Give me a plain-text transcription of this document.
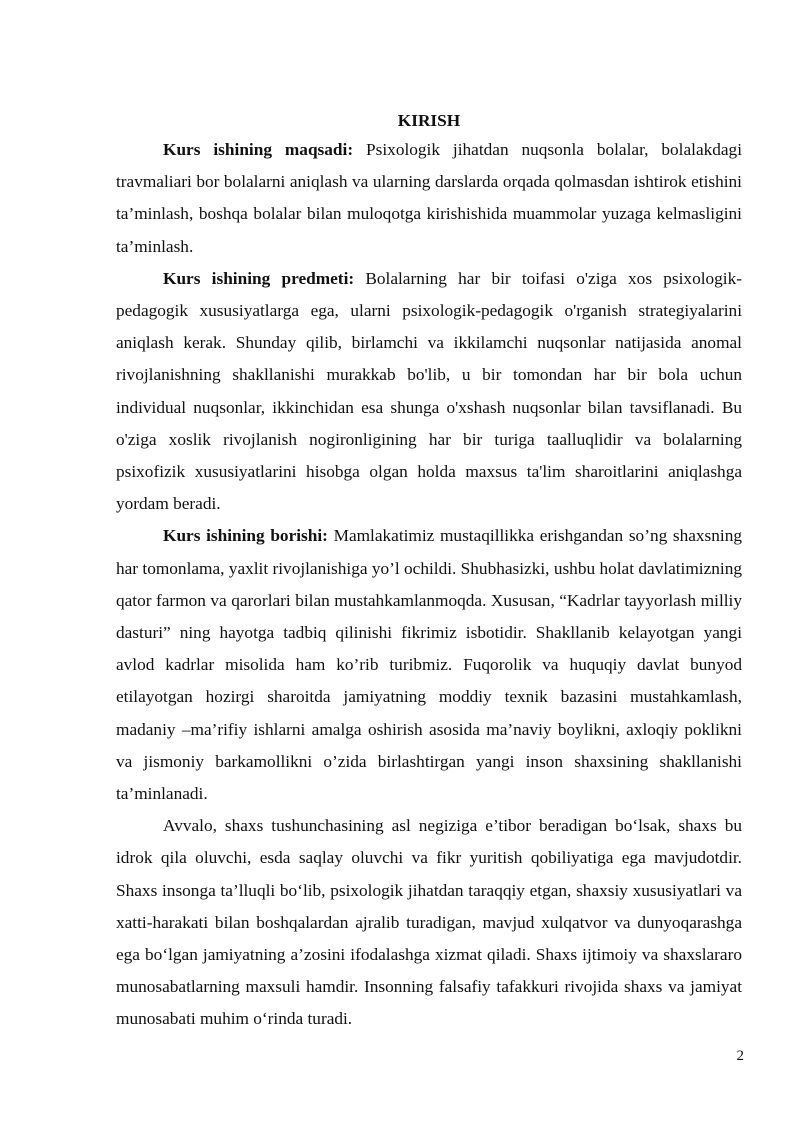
KIRISH

Kurs ishining maqsadi: Psixologik jihatdan nuqsonla bolalar, bolalakdagi travmaliari bor bolalarni aniqlash va ularning darslarda orqada qolmasdan ishtirok etishini ta’minlash, boshqa bolalar bilan muloqotga kirishishida muammolar yuzaga kelmasligini ta’minlash.

Kurs ishining predmeti: Bolalarning har bir toifasi o'ziga xos psixologik-pedagogik xususiyatlarga ega, ularni psixologik-pedagogik o'rganish strategiyalarini aniqlash kerak. Shunday qilib, birlamchi va ikkilamchi nuqsonlar natijasida anomal rivojlanishning shakllanishi murakkab bo'lib, u bir tomondan har bir bola uchun individual nuqsonlar, ikkinchidan esa shunga o'xshash nuqsonlar bilan tavsiflanadi. Bu o'ziga xoslik rivojlanish nogironligining har bir turiga taalluqlidir va bolalarning psixofizik xususiyatlarini hisobga olgan holda maxsus ta'lim sharoitlarini aniqlashga yordam beradi.

Kurs ishining borishi: Mamlakatimiz mustaqillikka erishgandan so’ng shaxsning har tomonlama, yaxlit rivojlanishiga yo’l ochildi. Shubhasizki, ushbu holat davlatimizning qator farmon va qarorlari bilan mustahkamlanmoqda. Xususan, “Kadrlar tayyorlash milliy dasturi” ning hayotga tadbiq qilinishi fikrimiz isbotidir. Shakllanib kelayotgan yangi avlod kadrlar misolida ham ko’rib turibmiz. Fuqorolik va huquqiy davlat bunyod etilayotgan hozirgi sharoitda jamiyatning moddiy texnik bazasini mustahkamlash, madaniy –ma’rifiy ishlarni amalga oshirish asosida ma’naviy boylikni, axloqiy poklikni va jismoniy barkamollikni o’zida birlashtirgan yangi inson shaxsining shakllanishi ta’minlanadi.

Avvalo, shaxs tushunchasining asl negiziga e’tibor beradigan bo‘lsak, shaxs bu idrok qila oluvchi, esda saqlay oluvchi va fikr yuritish qobiliyatiga ega mavjudotdir. Shaxs insonga ta’lluqli bo‘lib, psixologik jihatdan taraqqiy etgan, shaxsiy xususiyatlari va xatti-harakati bilan boshqalardan ajralib turadigan, mavjud xulqatvor va dunyoqarashga ega bo‘lgan jamiyatning a’zosini ifodalashga xizmat qiladi. Shaxs ijtimoiy va shaxslararo munosabatlarning maxsuli hamdir. Insonning falsafiy tafakkuri rivojida shaxs va jamiyat munosabati muhim o‘rinda turadi.

2
